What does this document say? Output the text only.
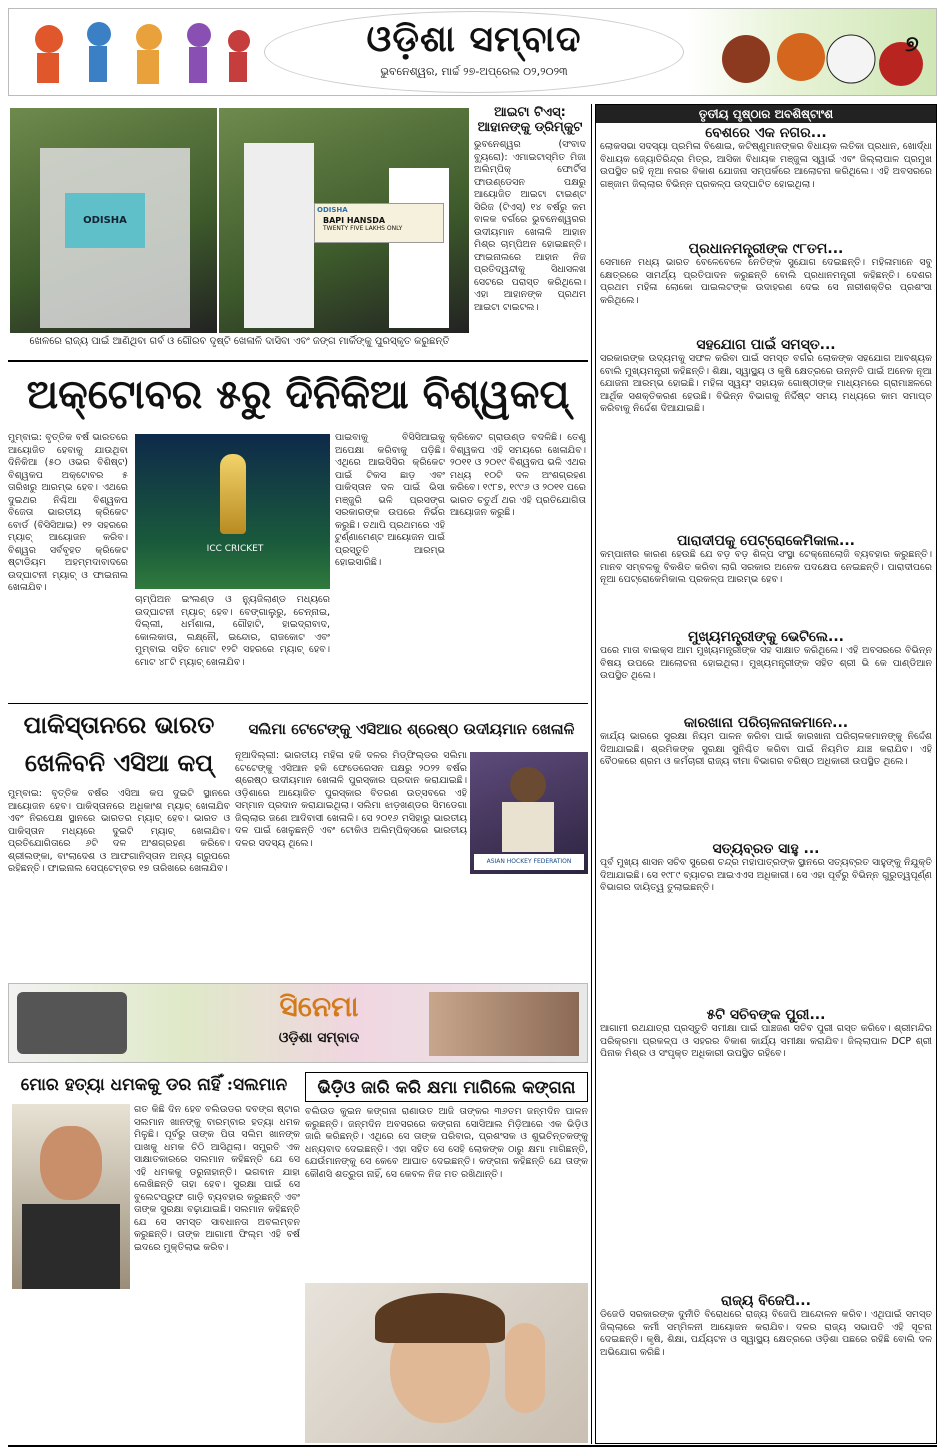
ଓଡ଼ିଶା ସମ୍ବାଦ
ଭୁବନେଶ୍ୱର, ମାର୍ଚ୍ଚ ୨୭-ଅପ୍ରେଲ ୦୨,୨୦୨୩
୭
ODISHA
ODISHA
BAPI HANSDA
TWENTY FIVE LAKHS ONLY
ଖେଳରେ ରାଜ୍ୟ ପାଇଁ ଆଣିଥିବା ଗର୍ବ ଓ ଗୌରବ ଦୃଷ୍ଟି ଖେଳାଳି ଦାସିବା ଏବଂ ଜଙ୍ଗ ମାର୍କିଙ୍କୁ ପୁରସ୍କୃତ କରୁଛନ୍ତି
ଆଇଟା ଟିଏସ୍:
ଆହାନଙ୍କୁ ଡ୍ରିମ୍‌କୁଟ
ଭୁବନେଶ୍ୱର (ସଂବାଦ ବ୍ୟୁରୋ): ଏମାଇଟାସ୍ମିତ ମିଜା ଅଲିମ୍ପିକ୍ ଫୋର୍ଟିସ ଫାଉଣ୍ଡେସନ ପକ୍ଷରୁ ଆୟୋଜିତ ଆଇଟା ଟାଇଣ୍ଟ ସିରିଜ (ଟିଏସ୍) ୧୪ ବର୍ଷରୁ କମ ବାଳକ ବର୍ଗରେ ଭୁବନେଶ୍ୱରର ଉଦୀୟମାନ ଖେଳାଳି ଆହାନ ମିଶ୍ର ଚାମ୍ପିଅନ ହୋଇଛନ୍ତି। ଫାଇନାଲରେ ଆହାନ ନିଜ ପ୍ରତିଦ୍ୱନ୍ଦୀକୁ ସିଧାସଳଖ ସେଟରେ ପରାସ୍ତ କରିଥିଲେ। ଏହା ଆହାନଙ୍କ ପ୍ରଥମ ଆଇଟା ଟାଇଟଲ।
ଅକ୍ଟୋବର ୫ରୁ ଦିନିକିଆ ବିଶ୍ୱକପ୍
ମୁମ୍ବାଇ: ବୃତ୍ତିକ ବର୍ଷ ଭାରତରେ ଆୟୋଜିତ ହେବାକୁ ଯାଉଥିବା ଦିନିକିଆ (୫୦ ଓଭର ବିଶିଷ୍ଟ) ବିଶ୍ୱକପ ଅକ୍ଟୋବର ୫ ତାରିଖରୁ ଆରମ୍ଭ ହେବ। ଏଥରେ ଦୁଇଥର ନିଶ୍ଚିଆ ବିଶ୍ୱକପ ବିଜେତା ଭାରତୀୟ କ୍ରିକେଟ ବୋର୍ଡ (ବିସିସିଆଇ) ୧୨ ସହରରେ ମ୍ୟାଚ୍ ଆୟୋଜନ କରିବ। ବିଶ୍ୱର ସର୍ବବୃହତ କ୍ରିକେଟ ଷ୍ଟାଡିୟମ ଅହମ୍ମଦାବାଦରେ ଉଦ୍‌ଘାଟନୀ ମ୍ୟାଚ୍ ଓ ଫାଇନାଲ ଖେଳାଯିବ।
ICC CRICKET
ଚାମ୍ପିଅନ ଇଂଲଣ୍ଡ ଓ ନ୍ୟୁଜିଲାଣ୍ଡ ମଧ୍ୟରେ ଉଦ୍‌ଘାଟନୀ ମ୍ୟାଚ୍ ହେବ। ବେଙ୍ଗାଲୁରୁ, ଚେନ୍ନାଇ, ଦିଲ୍ଲୀ, ଧର୍ମଶାଳା, ଗୌହାଟି, ହାଇଦ୍ରାବାଦ, କୋଲକାତା, ଲକ୍ଷ୍ନୌ, ଇନ୍ଦୋର, ରାଜକୋଟ ଏବଂ ମୁମ୍ବାଇ ସହିତ ମୋଟ ୧୨ଟି ସହରରେ ମ୍ୟାଚ୍ ହେବ। ମୋଟ ୪୮ଟି ମ୍ୟାଚ୍ ଖେଳାଯିବ।
ପାଇବାକୁ ବିସିସିଆଇକୁ ଅପେକ୍ଷା କରିବାକୁ ପଡ଼ିଛି। ଏଥିରେ ଆଇସିସିର କ୍ରିକେଟ ପାଇଁ ଟିକସ ଛାଡ଼ ଏବଂ ପାକିସ୍ତାନ ଦଳ ପାଇଁ ଭିସା ମଞ୍ଜୁରି ଭଳି ପ୍ରସଙ୍ଗ ସରକାରଙ୍କ ଉପରେ ନିର୍ଭର କରୁଛି। ତଥାପି ପ୍ରଥମରେ ଏହି ଟୁର୍ଣ୍ଣାମେଣ୍ଟ ଆୟୋଜନ ପାଇଁ ପ୍ରସ୍ତୁତି ଆରମ୍ଭ ହୋଇସାରିଛି।
କ୍ରିକେଟ ଗ୍ରାଉଣ୍ଡ ବଦଳିଛି। ତେଣୁ ବିଶ୍ୱକପ ଏହି ସମୟରେ ଖେଳାଯିବ। ୨୦୧୧ ଓ ୨୦୧୯ ବିଶ୍ୱକପ ଭଳି ଏଥର ମଧ୍ୟ ୧୦ଟି ଦଳ ଅଂଶଗ୍ରହଣ କରିବେ। ୧୯୮୭, ୧୯୯୬ ଓ ୨୦୧୧ ପରେ ଭାରତ ଚତୁର୍ଥ ଥର ଏହି ପ୍ରତିଯୋଗିତା ଆୟୋଜନ କରୁଛି।
ପାକିସ୍ତାନରେ ଭାରତ ଖେଳିବନି ଏସିଆ କପ୍
ମୁମ୍ବାଇ: ବୃତ୍ତିକ ବର୍ଷର ଏସିଆ କପ ଦୁଇଟି ସ୍ଥାନରେ ଆୟୋଜନ ହେବ। ପାକିସ୍ତାନରେ ଅଧିକାଂଶ ମ୍ୟାଚ୍ ଖେଳାଯିବ ଏବଂ ନିରପେକ୍ଷ ସ୍ଥାନରେ ଭାରତର ମ୍ୟାଚ୍ ହେବ। ଭାରତ ଓ ପାକିସ୍ତାନ ମଧ୍ୟରେ ଦୁଇଟି ମ୍ୟାଚ୍ ଖେଳାଯିବ। ପ୍ରତିଯୋଗିତାରେ ୬ଟି ଦଳ ଅଂଶଗ୍ରହଣ କରିବେ। ଶ୍ରୀଲଙ୍କା, ବାଂଲାଦେଶ ଓ ଆଫଗାନିସ୍ତାନ ଅନ୍ୟ ଗ୍ରୁପରେ ରହିଛନ୍ତି। ଫାଇନାଲ ସେପ୍ଟେମ୍ବର ୧୭ ତାରିଖରେ ଖେଳାଯିବ।
ସଲିମା ଟେଟେଙ୍କୁ ଏସିଆର ଶ୍ରେଷ୍ଠ ଉଦୀୟମାନ ଖେଳାଳି
ନୂଆଦିଲ୍ଲୀ: ଭାରତୀୟ ମହିଳା ହକି ଦଳର ମିଡ୍‌ଫିଲ୍ଡର ସଲିମା ଟେଟେଙ୍କୁ ଏସିଆନ ହକି ଫେଡେରେସନ ପକ୍ଷରୁ ୨୦୨୨ ବର୍ଷର ଶ୍ରେଷ୍ଠ ଉଦୀୟମାନ ଖେଳାଳି ପୁରସ୍କାର ପ୍ରଦାନ କରାଯାଇଛି। ଓଡ଼ିଶାରେ ଆୟୋଜିତ ପୁରସ୍କାର ବିତରଣ ଉତ୍ସବରେ ଏହି ସମ୍ମାନ ପ୍ରଦାନ କରାଯାଇଥିଲା। ସଲିମା ଝାଡ଼ଖଣ୍ଡର ସିମଡେଗା ଜିଲ୍ଲାର ଜଣେ ଆଦିବାସୀ ଖେଳାଳି। ସେ ୨୦୧୬ ମସିହାରୁ ଭାରତୀୟ ଦଳ ପାଇଁ ଖେଳୁଛନ୍ତି ଏବଂ ଟୋକିଓ ଅଲିମ୍ପିକ୍ସରେ ଭାରତୀୟ ଦଳର ସଦସ୍ୟ ଥିଲେ।
ASIAN HOCKEY FEDERATION
ସିନେମା
ଓଡ଼ିଶା ସମ୍ବାଦ
ମୋର ହତ୍ୟା ଧମକକୁ ଡର ନାହିଁ :ସଲମାନ
ଗତ କିଛି ଦିନ ହେବ ବଲିଉଡର ଦବଙ୍ଗ ଷ୍ଟାର ସଲମାନ ଖାନଙ୍କୁ ବାରମ୍ବାର ହତ୍ୟା ଧମକ ମିଳୁଛି। ପୂର୍ବରୁ ତାଙ୍କ ପିତା ସଲିମ ଖାନଙ୍କ ପାଖକୁ ଧମକ ଚିଠି ଆସିଥିଲା। ସମ୍ପ୍ରତି ଏକ ସାକ୍ଷାତକାରରେ ସଲମାନ କହିଛନ୍ତି ଯେ ସେ ଏହି ଧମକକୁ ଡରୁନାହାନ୍ତି। ଭଗବାନ ଯାହା ଲେଖିଛନ୍ତି ତାହା ହେବ। ସୁରକ୍ଷା ପାଇଁ ସେ ବୁଲେଟପ୍ରୁଫ ଗାଡ଼ି ବ୍ୟବହାର କରୁଛନ୍ତି ଏବଂ ତାଙ୍କ ସୁରକ୍ଷା ବଢ଼ାଯାଇଛି। ସଲମାନ କହିଛନ୍ତି ଯେ ସେ ସମସ୍ତ ସାବଧାନତା ଅବଲମ୍ବନ କରୁଛନ୍ତି। ତାଙ୍କ ଆଗାମୀ ଫିଲ୍ମ ଏହି ବର୍ଷ ଇଦରେ ମୁକ୍ତିଲାଭ କରିବ।
ଭିଡ଼ିଓ ଜାରି କରି କ୍ଷମା ମାଗିଲେ କଙ୍ଗନା
ବଲିଉଡ କୁଇନ କଙ୍ଗନା ରାଣାଉତ ଆଜି ତାଙ୍କର ୩୬ତମ ଜନ୍ମଦିନ ପାଳନ କରୁଛନ୍ତି। ଜନ୍ମଦିନ ଅବସରରେ କଙ୍ଗନା ସୋସିଆଲ ମିଡ଼ିଆରେ ଏକ ଭିଡ଼ିଓ ଜାରି କରିଛନ୍ତି। ଏଥିରେ ସେ ତାଙ୍କ ପରିବାର, ପ୍ରଶଂସକ ଓ ଶୁଭଚିନ୍ତକଙ୍କୁ ଧନ୍ୟବାଦ ଦେଇଛନ୍ତି। ଏହା ସହିତ ସେ ସେହି ଲୋକଙ୍କ ଠାରୁ କ୍ଷମା ମାଗିଛନ୍ତି, ଯେଉଁମାନଙ୍କୁ ସେ କେବେ ଆଘାତ ଦେଇଛନ୍ତି। କଙ୍ଗନା କହିଛନ୍ତି ଯେ ତାଙ୍କ କୌଣସି ଶତ୍ରୁତା ନାହିଁ, ସେ କେବଳ ନିଜ ମତ ରଖିଥାନ୍ତି।
ତୃତୀୟ ପୃଷ୍ଠାର ଅବଶିଷ୍ଟାଂଶ
ବେଶରେ ଏକ ନଗର...
ଲୋକସଭା ସଦସ୍ୟା ପ୍ରମିଳା ବିଶୋଇ, କଟିଷ୍ଣୁମାନଙ୍କର ବିଧାୟକ ଲତିକା ପ୍ରଧାନ, ଖୋର୍ଦ୍ଧା ବିଧାୟକ ଜ୍ୟୋତିରିନ୍ଦ୍ର ମିତ୍ର, ଆସିକା ବିଧାୟକ ମଞ୍ଜୁଳା ସ୍ୱାଇଁ ଏବଂ ଜିଲ୍ଲାପାଳ ପ୍ରମୁଖ ଉପସ୍ଥିତ ରହି ନୂଆ ନଗର ବିକାଶ ଯୋଜନା ସମ୍ପର୍କରେ ଆଲୋଚନା କରିଥିଲେ। ଏହି ଅବସରରେ ଗଞ୍ଜାମ ଜିଲ୍ଲାର ବିଭିନ୍ନ ପ୍ରକଳ୍ପ ଉଦ୍‌ଘାଟିତ ହୋଇଥିଲା।
ପ୍ରଧାନମନ୍ତ୍ରୀଙ୍କ ୯୮ତମ...
ସେମାନେ ମଧ୍ୟ ଭାରତ ବେଳେବେଳେ ନେତିଙ୍କ ସୁଯୋଗ ଦେଇଛନ୍ତି। ମହିଳାମାନେ ସବୁ କ୍ଷେତ୍ରରେ ସାମର୍ଥ୍ୟ ପ୍ରତିପାଦନ କରୁଛନ୍ତି ବୋଲି ପ୍ରଧାନମନ୍ତ୍ରୀ କହିଛନ୍ତି। ଦେଶର ପ୍ରଥମ ମହିଳା ଲୋକୋ ପାଇଲଟଙ୍କ ଉଦାହରଣ ଦେଇ ସେ ନାରୀଶକ୍ତିର ପ୍ରଶଂସା କରିଥିଲେ।
ସହଯୋଗ ପାଇଁ ସମସ୍ତ...
ସରକାରଙ୍କ ଉଦ୍ୟମକୁ ସଫଳ କରିବା ପାଇଁ ସମସ୍ତ ବର୍ଗର ଲୋକଙ୍କ ସହଯୋଗ ଆବଶ୍ୟକ ବୋଲି ମୁଖ୍ୟମନ୍ତ୍ରୀ କହିଛନ୍ତି। ଶିକ୍ଷା, ସ୍ୱାସ୍ଥ୍ୟ ଓ କୃଷି କ୍ଷେତ୍ରରେ ଉନ୍ନତି ପାଇଁ ଅନେକ ନୂଆ ଯୋଜନା ଆରମ୍ଭ ହୋଇଛି। ମହିଳା ସ୍ୱୟଂ ସହାୟକ ଗୋଷ୍ଠୀଙ୍କ ମାଧ୍ୟମରେ ଗ୍ରାମାଞ୍ଚଳରେ ଆର୍ଥିକ ସଶକ୍ତିକରଣ ହେଉଛି। ବିଭିନ୍ନ ବିଭାଗକୁ ନିର୍ଦ୍ଦିଷ୍ଟ ସମୟ ମଧ୍ୟରେ କାମ ସମାପ୍ତ କରିବାକୁ ନିର୍ଦ୍ଦେଶ ଦିଆଯାଇଛି।
ପାରାଦୀପକୁ ପେଟ୍ରୋକେମିକାଲ...
କମ୍ପାନୀର କାରଣ ହେଉଛି ଯେ ବଡ଼ ବଡ଼ ଶିଳ୍ପ ସଂସ୍ଥା ଟେକ୍‌ନୋଲୋଜି ବ୍ୟବହାର କରୁଛନ୍ତି। ମାନବ ସମ୍ବଳକୁ ବିକଶିତ କରିବା ଲାଗି ସରକାର ଅନେକ ପଦକ୍ଷେପ ନେଇଛନ୍ତି। ପାରାଦୀପରେ ନୂଆ ପେଟ୍ରୋକେମିକାଲ ପ୍ରକଳ୍ପ ଆରମ୍ଭ ହେବ।
ମୁଖ୍ୟମନ୍ତ୍ରୀଙ୍କୁ ଭେଟିଲେ...
ପରେ ମାତା ବାଇକ୍ସ ଆମ ମୁଖ୍ୟମନ୍ତ୍ରୀଙ୍କ ସହ ସାକ୍ଷାତ କରିଥିଲେ। ଏହି ଅବସରରେ ବିଭିନ୍ନ ବିଷୟ ଉପରେ ଆଲୋଚନା ହୋଇଥିଲା। ମୁଖ୍ୟମନ୍ତ୍ରୀଙ୍କ ସହିତ ଶ୍ରୀ ଭି କେ ପାଣ୍ଡିଆନ ଉପସ୍ଥିତ ଥିଲେ।
କାରଖାନା ପରିଚାଳନାକମାନେ...
କାର୍ଯ୍ୟ ଭାରରେ ସୁରକ୍ଷା ନିୟମ ପାଳନ କରିବା ପାଇଁ କାରଖାନା ପରିଚାଳକମାନଙ୍କୁ ନିର୍ଦ୍ଦେଶ ଦିଆଯାଇଛି। ଶ୍ରମିକଙ୍କ ସୁରକ୍ଷା ସୁନିଶ୍ଚିତ କରିବା ପାଇଁ ନିୟମିତ ଯାଞ୍ଚ କରାଯିବ। ଏହି ବୈଠକରେ ଶ୍ରମ ଓ କର୍ମଚାରୀ ରାଜ୍ୟ ବୀମା ବିଭାଗର ବରିଷ୍ଠ ଅଧିକାରୀ ଉପସ୍ଥିତ ଥିଲେ।
ସତ୍ୟବ୍ରତ ସାହୁ ...
ପୂର୍ବ ମୁଖ୍ୟ ଶାସନ ସଚିବ ସୁରେଶ ଚନ୍ଦ୍ର ମହାପାତ୍ରଙ୍କ ସ୍ଥାନରେ ସତ୍ୟବ୍ରତ ସାହୁଙ୍କୁ ନିଯୁକ୍ତି ଦିଆଯାଇଛି। ସେ ୧୯୮୯ ବ୍ୟାଚର ଆଇଏଏସ ଅଧିକାରୀ। ସେ ଏହା ପୂର୍ବରୁ ବିଭିନ୍ନ ଗୁରୁତ୍ୱପୂର୍ଣ୍ଣ ବିଭାଗର ଦାୟିତ୍ୱ ତୁଲାଇଛନ୍ତି।
୫ଟି ସଚିବଙ୍କ ପୁରୀ...
ଆଗାମୀ ରଥଯାତ୍ରା ପ୍ରସ୍ତୁତି ସମୀକ୍ଷା ପାଇଁ ପାଞ୍ଚଜଣ ସଚିବ ପୁରୀ ଗସ୍ତ କରିବେ। ଶ୍ରୀମନ୍ଦିର ପରିକ୍ରମା ପ୍ରକଳ୍ପ ଓ ସହରର ବିକାଶ କାର୍ଯ୍ୟ ସମୀକ୍ଷା କରାଯିବ। ଜିଲ୍ଲାପାଳ DCP ଶ୍ରୀ ପିନାକ ମିଶ୍ର ଓ ସଂପୃକ୍ତ ଅଧିକାରୀ ଉପସ୍ଥିତ ରହିବେ।
ରାଜ୍ୟ ବିଜେପି...
ଡିଜେଡି ସରକାରଙ୍କ ଦୁର୍ନୀତି ବିରୋଧରେ ରାଜ୍ୟ ବିଜେପି ଆନ୍ଦୋଳନ କରିବ। ଏଥିପାଇଁ ସମସ୍ତ ଜିଲ୍ଲାରେ କର୍ମୀ ସମ୍ମିଳନୀ ଆୟୋଜନ କରାଯିବ। ଦଳର ରାଜ୍ୟ ସଭାପତି ଏହି ସୂଚନା ଦେଇଛନ୍ତି। କୃଷି, ଶିକ୍ଷା, ପର୍ଯ୍ୟଟନ ଓ ସ୍ୱାସ୍ଥ୍ୟ କ୍ଷେତ୍ରରେ ଓଡ଼ିଶା ପଛରେ ରହିଛି ବୋଲି ଦଳ ଅଭିଯୋଗ କରିଛି।
